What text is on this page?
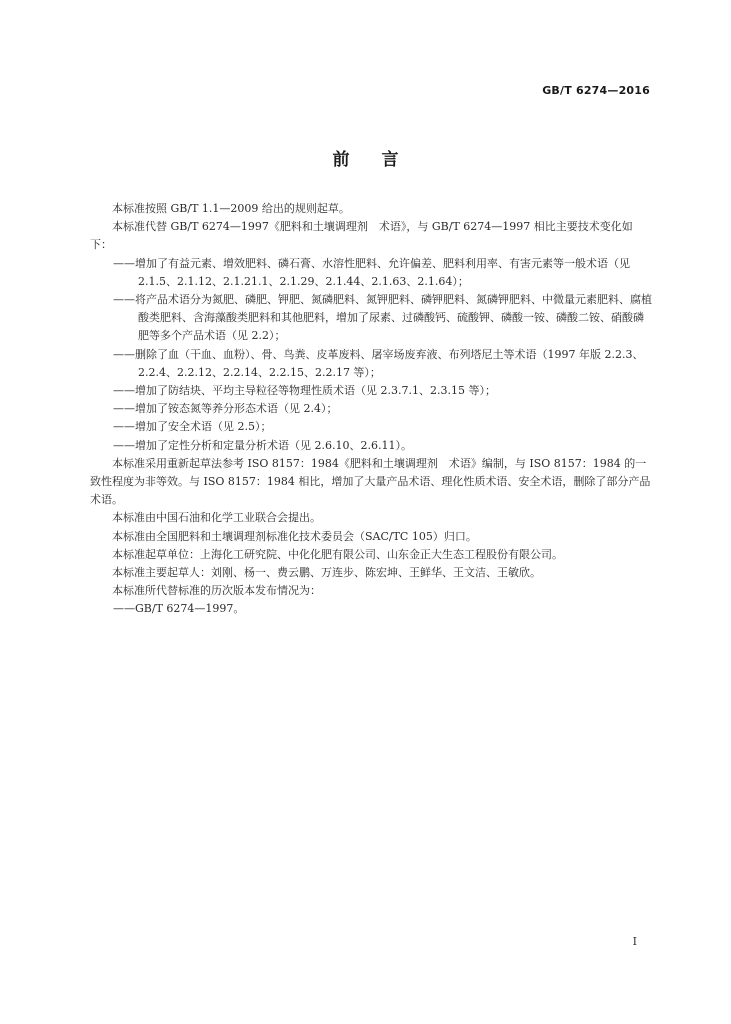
GB/T 6274—2016
前言

本标准按照 GB/T 1.1—2009 给出的规则起草。

本标准代替 GB/T 6274—1997《肥料和土壤调理剂　术语》，与 GB/T 6274—1997 相比主要技术变化如下：

——增加了有益元素、增效肥料、磷石膏、水溶性肥料、允许偏差、肥料利用率、有害元素等一般术语（见 2.1.5、2.1.12、2.1.21.1、2.1.29、2.1.44、2.1.63、2.1.64）；

——将产品术语分为氮肥、磷肥、钾肥、氮磷肥料、氮钾肥料、磷钾肥料、氮磷钾肥料、中微量元素肥料、腐植酸类肥料、含海藻酸类肥料和其他肥料，增加了尿素、过磷酸钙、硫酸钾、磷酸一铵、磷酸二铵、硝酸磷肥等多个产品术语（见 2.2）；

——删除了血（干血、血粉）、骨、鸟粪、皮革废料、屠宰场废弃液、布列塔尼土等术语（1997 年版 2.2.3、2.2.4、2.2.12、2.2.14、2.2.15、2.2.17 等）；

——增加了防结块、平均主导粒径等物理性质术语（见 2.3.7.1、2.3.15 等）；

——增加了铵态氮等养分形态术语（见 2.4）；

——增加了安全术语（见 2.5）；

——增加了定性分析和定量分析术语（见 2.6.10、2.6.11）。

本标准采用重新起草法参考 ISO 8157：1984《肥料和土壤调理剂　术语》编制，与 ISO 8157：1984 的一致性程度为非等效。与 ISO 8157：1984 相比，增加了大量产品术语、理化性质术语、安全术语，删除了部分产品术语。

本标准由中国石油和化学工业联合会提出。

本标准由全国肥料和土壤调理剂标准化技术委员会（SAC/TC 105）归口。

本标准起草单位：上海化工研究院、中化化肥有限公司、山东金正大生态工程股份有限公司。

本标准主要起草人：刘刚、杨一、费云鹏、万连步、陈宏坤、王鲜华、王文洁、王敏欣。

本标准所代替标准的历次版本发布情况为：

——GB/T 6274—1997。

I
